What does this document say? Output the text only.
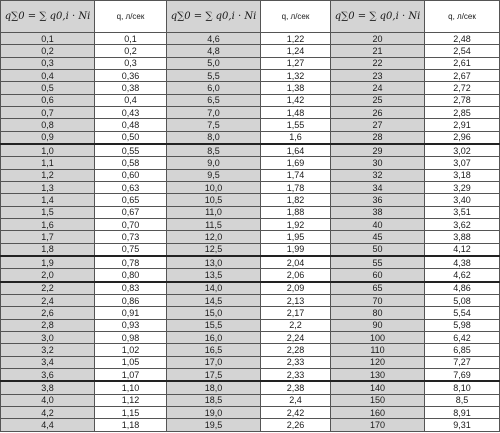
q∑0 = ∑ q0,i · Ni	q, л/сек	q∑0 = ∑ q0,i · Ni	q, л/сек	q∑0 = ∑ q0,i · Ni	q, л/сек
0,1	0,1	4,6	1,22	20	2,48
0,2	0,2	4,8	1,24	21	2,54
0,3	0,3	5,0	1,27	22	2,61
0,4	0,36	5,5	1,32	23	2,67
0,5	0,38	6,0	1,38	24	2,72
0,6	0,4	6,5	1,42	25	2,78
0,7	0,43	7,0	1,48	26	2,85
0,8	0,48	7,5	1,55	27	2,91
0,9	0,50	8,0	1,6	28	2,96
1,0	0,55	8,5	1,64	29	3,02
1,1	0,58	9,0	1,69	30	3,07
1,2	0,60	9,5	1,74	32	3,18
1,3	0,63	10,0	1,78	34	3,29
1,4	0,65	10,5	1,82	36	3,40
1,5	0,67	11,0	1,88	38	3,51
1,6	0,70	11,5	1,92	40	3,62
1,7	0,73	12,0	1,95	45	3,88
1,8	0,75	12,5	1,99	50	4,12
1,9	0,78	13,0	2,04	55	4,38
2,0	0,80	13,5	2,06	60	4,62
2,2	0,83	14,0	2,09	65	4,86
2,4	0,86	14,5	2,13	70	5,08
2,6	0,91	15,0	2,17	80	5,54
2,8	0,93	15,5	2,2	90	5,98
3,0	0,98	16,0	2,24	100	6,42
3,2	1,02	16,5	2,28	110	6,85
3,4	1,05	17,0	2,33	120	7,27
3,6	1,07	17,5	2,33	130	7,69
3,8	1,10	18,0	2,38	140	8,10
4,0	1,12	18,5	2,4	150	8,5
4,2	1,15	19,0	2,42	160	8,91
4,4	1,18	19,5	2,26	170	9,31
